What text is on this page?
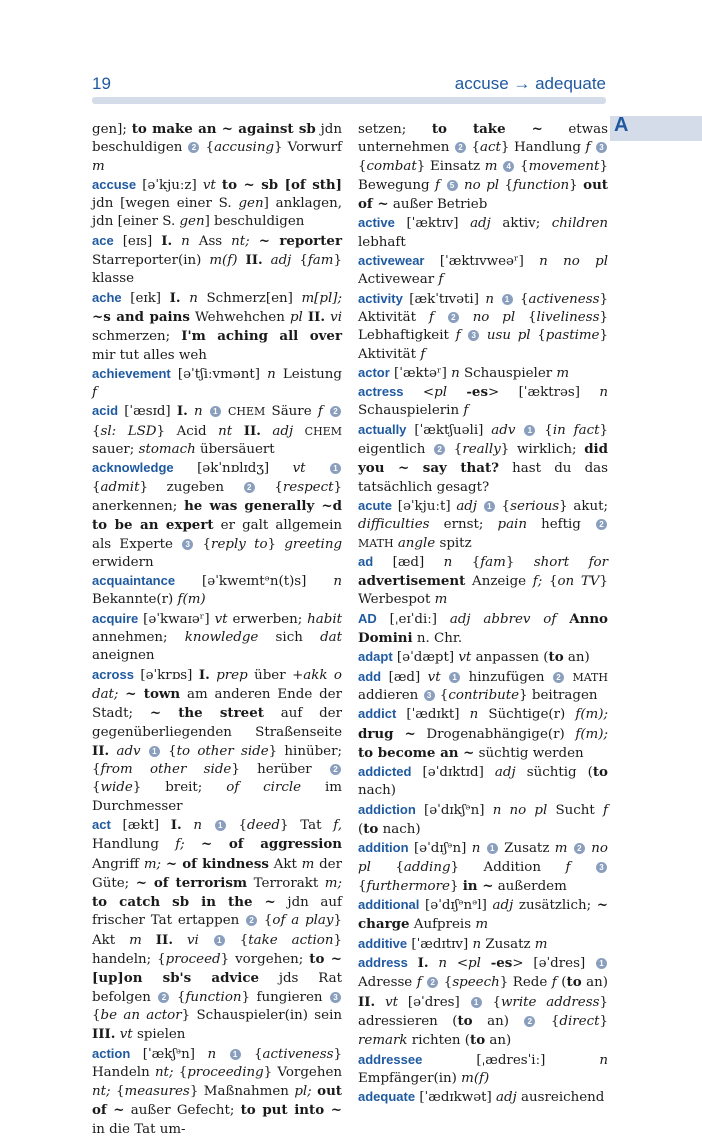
19	accuse → adequate
A

gen]; to make an ~ against sb jdn beschuldigen 2 {accusing} Vorwurf m

accuse [əˈkjuːz] vt to ~ sb [of sth] jdn [wegen einer S. gen] anklagen, jdn [einer S. gen] beschuldigen

ace [eɪs] I. n Ass nt; ~ reporter Starreporter(in) m(f) II. adj {fam} klasse

ache [eɪk] I. n Schmerz[en] m[pl]; ~s and pains Wehwehchen pl II. vi schmerzen; I'm aching all over mir tut alles weh

achievement [əˈtʃiːvmənt] n Leistung f

acid [ˈæsɪd] I. n 1 CHEM Säure f 2 {sl: LSD} Acid nt II. adj CHEM sauer; stomach übersäuert

acknowledge [əkˈnɒlɪdʒ] vt	1 {admit} zugeben 2 {respect} anerkennen; he was generally ~d to be an expert er galt allgemein als Experte 3 {reply to} greeting erwidern

acquaintance [əˈkweɪntᵊn(t)s] n Bekannte(r) f(m)

acquire [əˈkwaɪəʳ] vt erwerben; habit annehmen; knowledge sich dat aneignen

across [əˈkrɒs] I. prep über +akk o dat; ~ town am anderen Ende der Stadt; ~ the street auf der gegenüberliegenden Straßenseite II. adv 1 {to other side} hinüber; {from other side} herüber 2 {wide} breit; of circle im Durchmesser

act [ækt] I. n 1 {deed} Tat f, Handlung f; ~ of aggression Angriff m; ~ of kindness Akt m der Güte; ~ of terrorism Terrorakt m; to catch sb in the ~ jdn auf frischer Tat ertappen 2 {of a play} Akt m II. vi 1 {take action} handeln; {proceed} vorgehen; to ~ [up]on sb's advice jds Rat befolgen 2 {function} fungieren 3 {be an actor} Schauspieler(in) sein III. vt spielen

action [ˈækʃᵊn] n 1 {activeness} Handeln nt; {proceeding} Vorgehen nt; {measures} Maßnahmen pl; out of ~ außer Gefecht; to put into ~ in die Tat um-

setzen; to take ~ etwas unternehmen 2 {act} Handlung f 3 {combat} Einsatz m 4 {movement} Bewegung f 5 no pl {function} out of ~ außer Betrieb

active [ˈæktɪv] adj aktiv; children lebhaft

activewear [ˈæktɪvweəʳ] n no pl Activewear f

activity [ækˈtɪvəti] n 1 {activeness} Aktivität f 2 no pl {liveliness} Lebhaftigkeit f 3 usu pl {pastime} Aktivität f

actor [ˈæktəʳ] n Schauspieler m

actress <pl -es> [ˈæktrəs] n Schauspielerin f

actually [ˈæktʃuəli] adv 1 {in fact} eigentlich 2 {really} wirklich; did you ~ say that? hast du das tatsächlich gesagt?

acute [əˈkjuːt] adj 1 {serious} akut; difficulties ernst; pain heftig 2 MATH angle spitz

ad [æd] n {fam} short for advertisement Anzeige f; {on TV} Werbespot m

AD [ˌeɪˈdiː] adj abbrev of Anno Domini n. Chr.

adapt [əˈdæpt] vt anpassen (to an)

add [æd] vt 1 hinzufügen 2 MATH addieren 3 {contribute} beitragen

addict [ˈædɪkt] n Süchtige(r) f(m); drug ~ Drogenabhängige(r) f(m); to become an ~ süchtig werden

addicted [əˈdɪktɪd] adj süchtig (to nach)

addiction [əˈdɪkʃᵊn] n no pl Sucht f (to nach)

addition [əˈdɪʃᵊn] n 1 Zusatz m 2 no pl {adding} Addition f	3 {furthermore} in ~ außerdem

additional [əˈdɪʃᵊnᵊl] adj zusätzlich; ~ charge Aufpreis m

additive [ˈædɪtɪv] n Zusatz m

address I. n <pl -es> [əˈdres] 1 Adresse f 2 {speech} Rede f (to an) II. vt [əˈdres] 1 {write address} adressieren (to an) 2 {direct} remark richten (to an)

addressee [ˌædresˈiː] n Empfänger(in) m(f)

adequate [ˈædɪkwət] adj ausreichend
